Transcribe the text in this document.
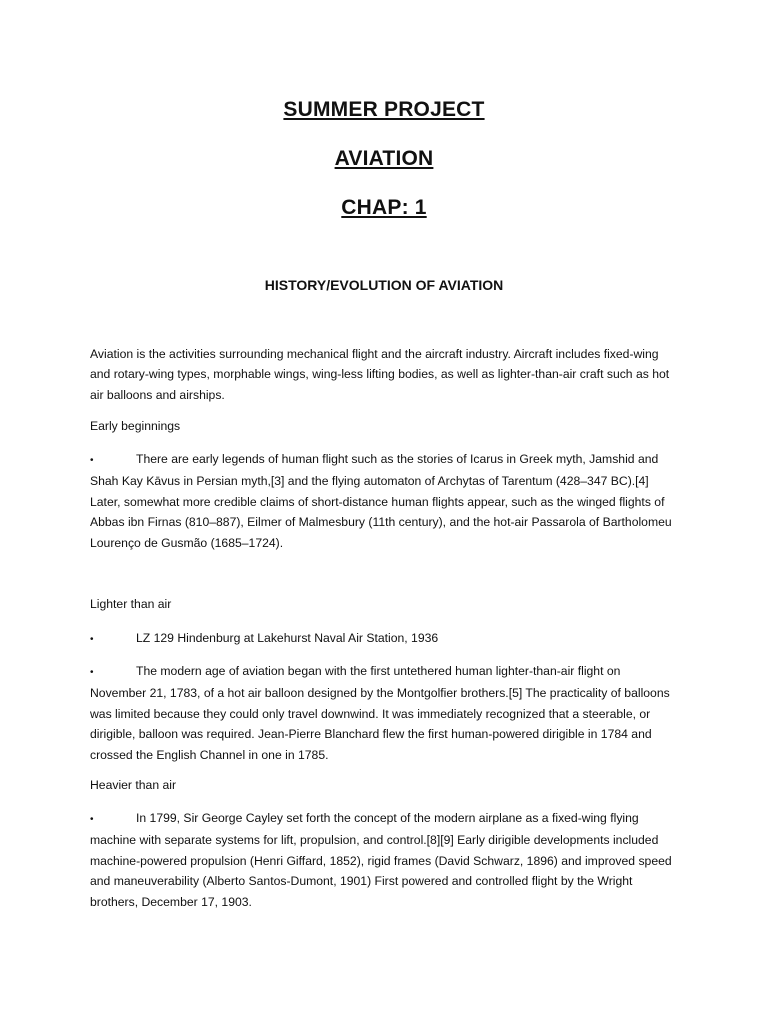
SUMMER PROJECT
AVIATION
CHAP: 1
HISTORY/EVOLUTION OF AVIATION

Aviation is the activities surrounding mechanical flight and the aircraft industry. Aircraft includes fixed-wing and rotary-wing types, morphable wings, wing-less lifting bodies, as well as lighter-than-air craft such as hot air balloons and airships.

Early beginnings

•	There are early legends of human flight such as the stories of Icarus in Greek myth, Jamshid and Shah Kay Kāvus in Persian myth,[3] and the flying automaton of Archytas of Tarentum (428–347 BC).[4] Later, somewhat more credible claims of short-distance human flights appear, such as the winged flights of Abbas ibn Firnas (810–887), Eilmer of Malmesbury (11th century), and the hot-air Passarola of Bartholomeu Lourenço de Gusmão (1685–1724).

Lighter than air

•	LZ 129 Hindenburg at Lakehurst Naval Air Station, 1936

•	The modern age of aviation began with the first untethered human lighter-than-air flight on November 21, 1783, of a hot air balloon designed by the Montgolfier brothers.[5] The practicality of balloons was limited because they could only travel downwind. It was immediately recognized that a steerable, or dirigible, balloon was required. Jean-Pierre Blanchard flew the first human-powered dirigible in 1784 and crossed the English Channel in one in 1785.

Heavier than air

•	In 1799, Sir George Cayley set forth the concept of the modern airplane as a fixed-wing flying machine with separate systems for lift, propulsion, and control.[8][9] Early dirigible developments included machine-powered propulsion (Henri Giffard, 1852), rigid frames (David Schwarz, 1896) and improved speed and maneuverability (Alberto Santos-Dumont, 1901) First powered and controlled flight by the Wright brothers, December 17, 1903.
